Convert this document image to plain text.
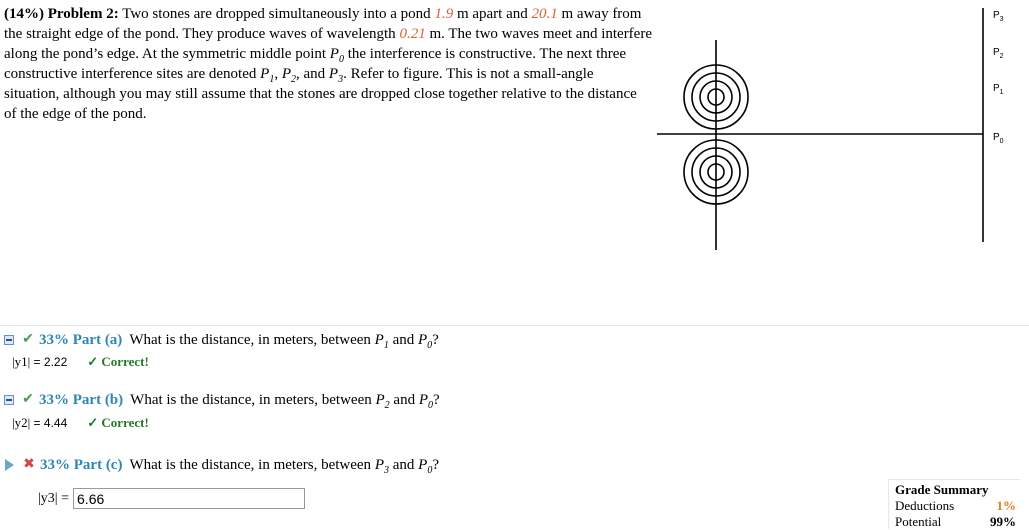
(14%) Problem 2: Two stones are dropped simultaneously into a pond 1.9 m apart and 20.1 m away from the straight edge of the pond. They produce waves of wavelength 0.21 m. The two waves meet and interfere along the pond’s edge. At the symmetric middle point $P_0$ the interference is constructive. The next three constructive interference sites are denoted $P_1$, $P_2$, and $P_3$. Refer to figure. This is not a small-angle situation, although you may still assume that the stones are dropped close together relative to the distance of the edge of the pond.
$P_3$
$P_2$
$P_1$
$P_0$
✔ 33%
Part (a) What is the distance, in meters, between
$P_1$ and $P_0$ ?
|y1| = 2.22 ✓ Correct!
✔ 33%
Part (b) What is the distance, in meters, between
$P_2$ and $P_0$ ?
|y2| = 4.44 ✓ Correct!
✖ 33%
Part (c) What is the distance, in meters, between
$P_3$ and $P_0$ ?
|y3| =
6.66
Grade Summary
Deductions	1%
Potential	99%
